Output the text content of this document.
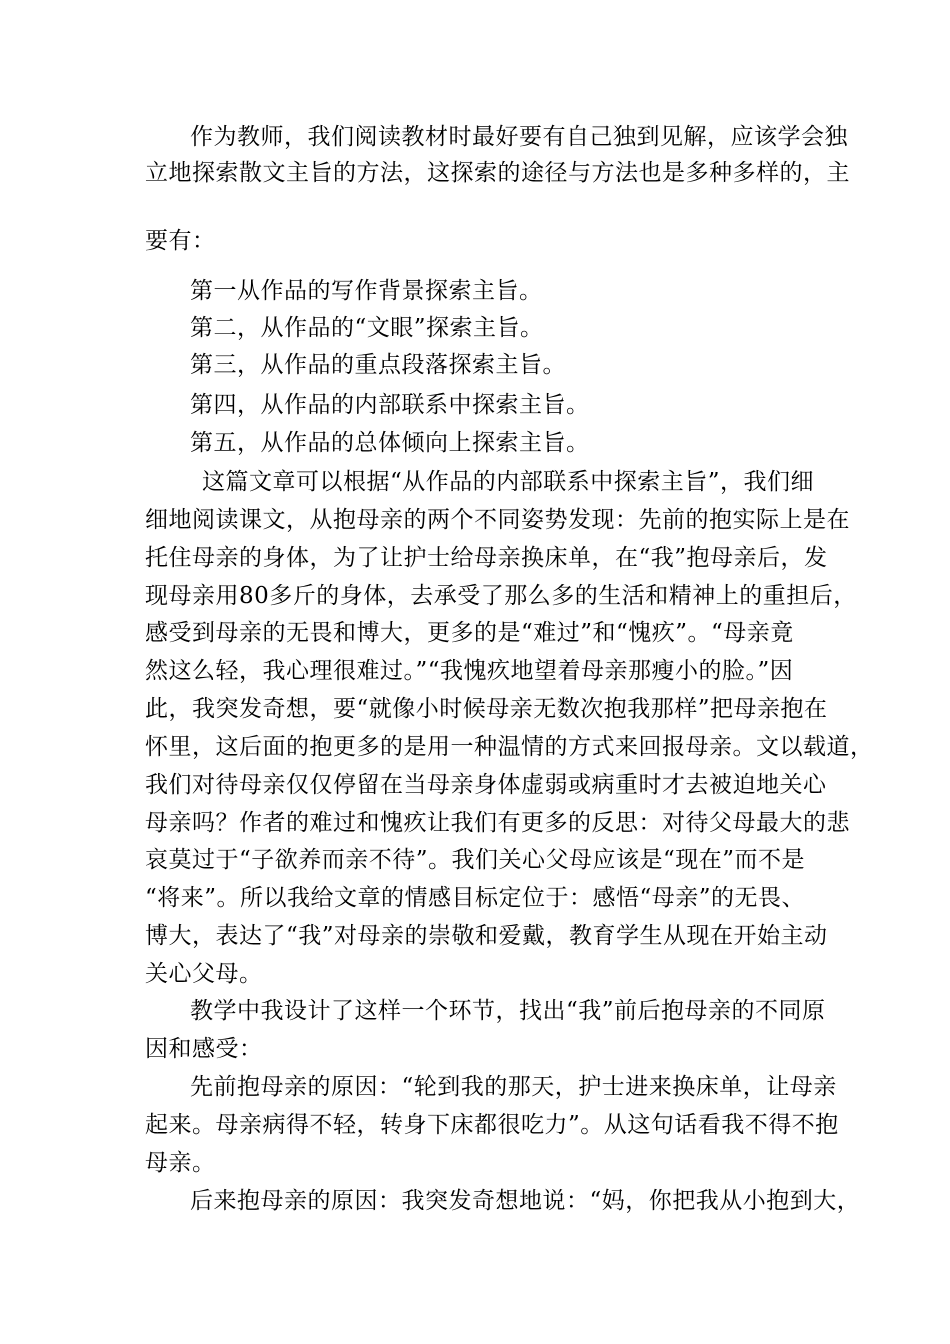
作为教师，我们阅读教材时最好要有自己独到见解，应该学会独
立地探索散文主旨的方法，这探索的途径与方法也是多种多样的，主
要有：
第一从作品的写作背景探索主旨。
第二，从作品的“文眼”探索主旨。
第三，从作品的重点段落探索主旨。
第四，从作品的内部联系中探索主旨。
第五，从作品的总体倾向上探索主旨。
这篇文章可以根据“从作品的内部联系中探索主旨”，我们细
细地阅读课文，从抱母亲的两个不同姿势发现：先前的抱实际上是在
托住母亲的身体，为了让护士给母亲换床单，在“我”抱母亲后，发
现母亲用80多斤的身体，去承受了那么多的生活和精神上的重担后，
感受到母亲的无畏和博大，更多的是“难过”和“愧疚”。“母亲竟
然这么轻，我心理很难过。”“我愧疚地望着母亲那瘦小的脸。”因
此，我突发奇想，要“就像小时候母亲无数次抱我那样”把母亲抱在
怀里，这后面的抱更多的是用一种温情的方式来回报母亲。文以载道，
我们对待母亲仅仅停留在当母亲身体虚弱或病重时才去被迫地关心
母亲吗？作者的难过和愧疚让我们有更多的反思：对待父母最大的悲
哀莫过于“子欲养而亲不待”。我们关心父母应该是“现在”而不是
“将来”。所以我给文章的情感目标定位于：感悟“母亲”的无畏、
博大，表达了“我”对母亲的崇敬和爱戴，教育学生从现在开始主动
关心父母。
教学中我设计了这样一个环节，找出“我”前后抱母亲的不同原
因和感受：
先前抱母亲的原因：“轮到我的那天，护士进来换床单，让母亲
起来。母亲病得不轻，转身下床都很吃力”。从这句话看我不得不抱
母亲。
后来抱母亲的原因：我突发奇想地说：“妈，你把我从小抱到大，
